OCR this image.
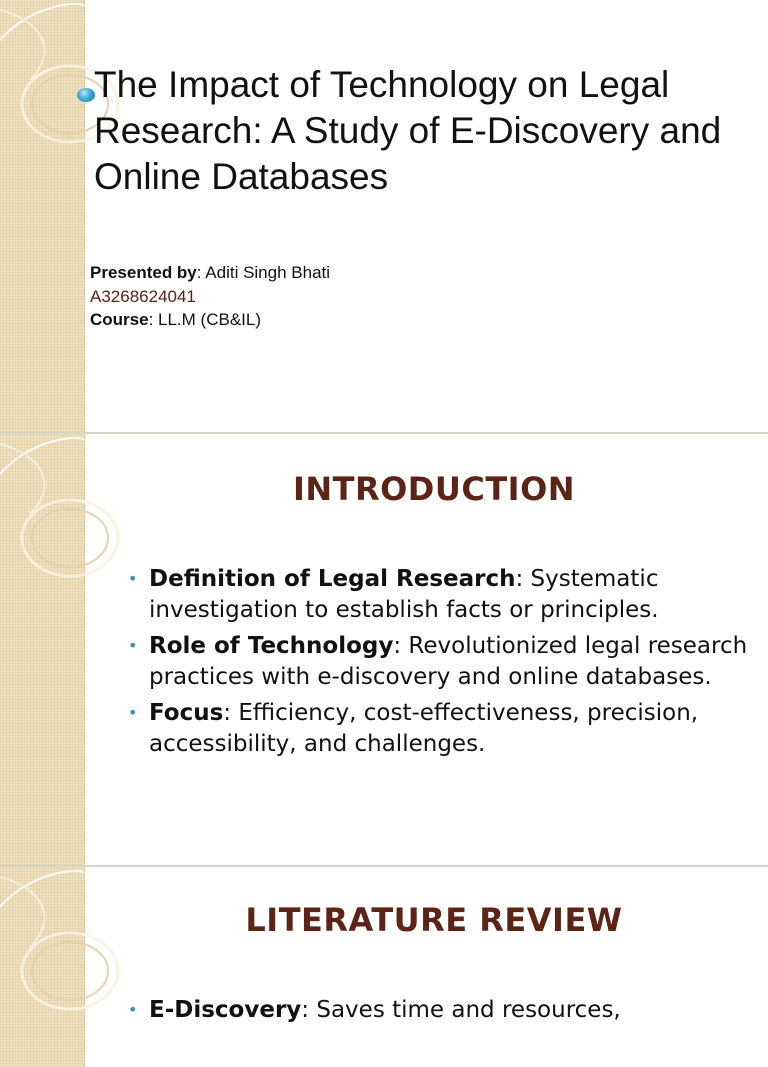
The Impact of Technology on Legal Research: A Study of E-Discovery and Online Databases
Presented by: Aditi Singh Bhati
A3268624041
Course: LL.M (CB&IL)
INTRODUCTION
• Definition of Legal Research: Systematic investigation to establish facts or principles.
• Role of Technology: Revolutionized legal research practices with e-discovery and online databases.
• Focus: Efficiency, cost-effectiveness, precision, accessibility, and challenges.
LITERATURE REVIEW
• E-Discovery: Saves time and resources,
